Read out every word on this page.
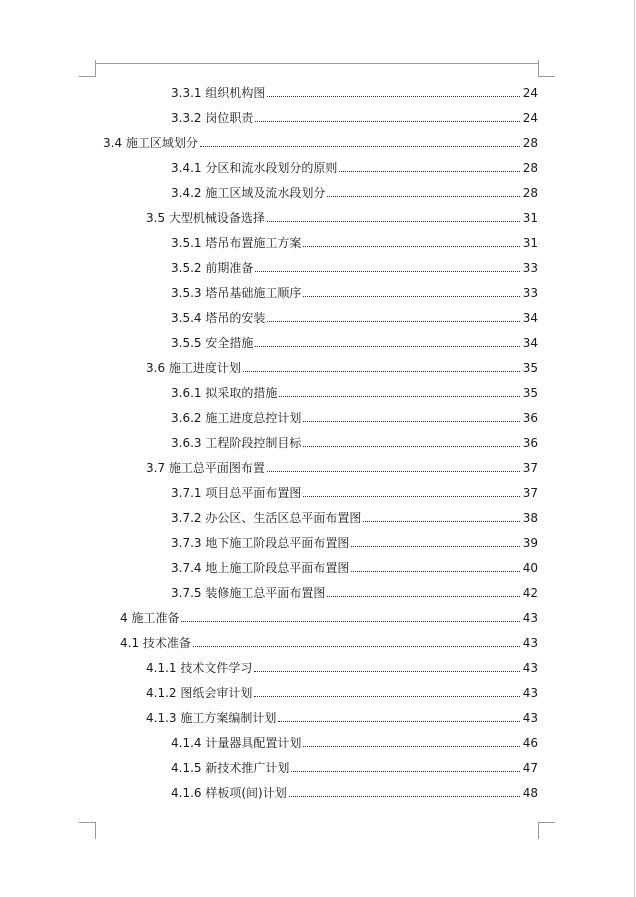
3.3.1 组织机构图	24
3.3.2 岗位职责	24
3.4 施工区域划分	28
3.4.1 分区和流水段划分的原则	28
3.4.2 施工区域及流水段划分	28
3.5 大型机械设备选择	31
3.5.1 塔吊布置施工方案	31
3.5.2 前期准备	33
3.5.3 塔吊基础施工顺序	33
3.5.4 塔吊的安装	34
3.5.5 安全措施	34
3.6 施工进度计划	35
3.6.1 拟采取的措施	35
3.6.2 施工进度总控计划	36
3.6.3 工程阶段控制目标	36
3.7 施工总平面图布置	37
3.7.1 项目总平面布置图	37
3.7.2 办公区、生活区总平面布置图	38
3.7.3 地下施工阶段总平面布置图	39
3.7.4 地上施工阶段总平面布置图	40
3.7.5 装修施工总平面布置图	42
4 施工准备	43
4.1 技术准备	43
4.1.1 技术文件学习	43
4.1.2 图纸会审计划	43
4.1.3 施工方案编制计划	43
4.1.4 计量器具配置计划	46
4.1.5 新技术推广计划	47
4.1.6 样板项(间)计划	48
